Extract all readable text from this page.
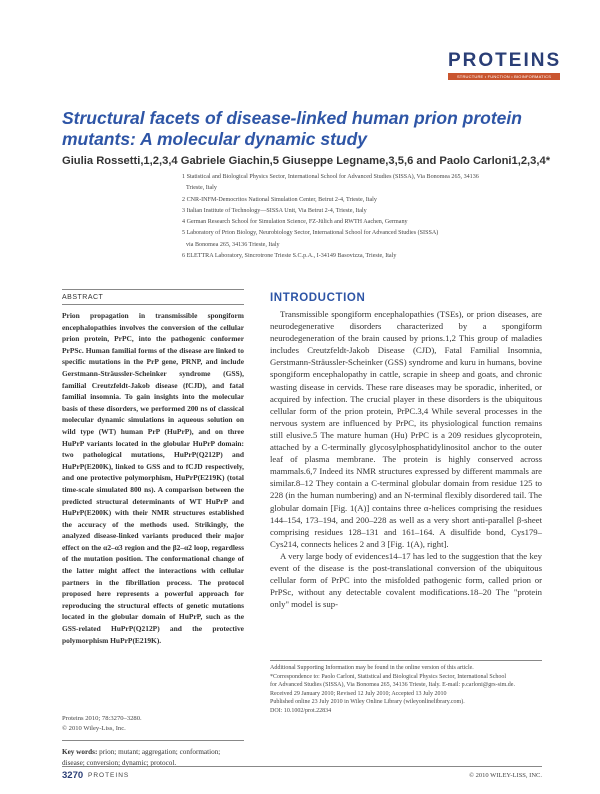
PROTEINS
STRUCTURE • FUNCTION • BIOINFORMATICS
Structural facets of disease-linked human prion protein mutants: A molecular dynamic study
Giulia Rossetti,1,2,3,4 Gabriele Giachin,5 Giuseppe Legname,3,5,6 and Paolo Carloni1,2,3,4*
1 Statistical and Biological Physics Sector, International School for Advanced Studies (SISSA), Via Bonomea 265, 34136
Trieste, Italy
2 CNR-INFM-Democritos National Simulation Center, Beirut 2-4, Trieste, Italy
3 Italian Institute of Technology—SISSA Unit, Via Beirut 2-4, Trieste, Italy
4 German Research School for Simulation Science, FZ-Jülich and RWTH Aachen, Germany
5 Laboratory of Prion Biology, Neurobiology Sector, International School for Advanced Studies (SISSA)
via Bonomea 265, 34136 Trieste, Italy
6 ELETTRA Laboratory, Sincrotrone Trieste S.C.p.A., I-34149 Basovizza, Trieste, Italy
ABSTRACT

Prion propagation in transmissible spongiform encephalopathies involves the conversion of the cellular prion protein, PrPC, into the pathogenic conformer PrPSc. Human familial forms of the disease are linked to specific mutations in the PrP gene, PRNP, and include Gerstmann-Sträussler-Scheinker syndrome (GSS), familial Creutzfeldt-Jakob disease (fCJD), and fatal familial insomnia. To gain insights into the molecular basis of these disorders, we performed 200 ns of classical molecular dynamic simulations in aqueous solution on wild type (WT) human PrP (HuPrP), and on three HuPrP variants located in the globular HuPrP domain: two pathological mutations, HuPrP(Q212P) and HuPrP(E200K), linked to GSS and to fCJD respectively, and one protective polymorphism, HuPrP(E219K) (total time-scale simulated 800 ns). A comparison between the predicted structural determinants of WT HuPrP and HuPrP(E200K) with their NMR structures established the accuracy of the methods used. Strikingly, the analyzed disease-linked variants produced their major effect on the α2–α3 region and the β2–α2 loop, regardless of the mutation position. The conformational change of the latter might affect the interactions with cellular partners in the fibrillation process. The protocol proposed here represents a powerful approach for reproducing the structural effects of genetic mutations located in the globular domain of HuPrP, such as the GSS-related HuPrP(Q212P) and the protective polymorphism HuPrP(E219K).

Proteins 2010; 78:3270–3280.
© 2010 Wiley-Liss, Inc.
Key words: prion; mutant; aggregation; conformation; disease; conversion; dynamic; protocol.
INTRODUCTION

Transmissible spongiform encephalopathies (TSEs), or prion diseases, are neurodegenerative disorders characterized by a spongiform neurodegeneration of the brain caused by prions.1,2 This group of maladies includes Creutzfeldt-Jakob Disease (CJD), Fatal Familial Insomnia, Gerstmann-Sträussler-Scheinker (GSS) syndrome and kuru in humans, bovine spongiform encephalopathy in cattle, scrapie in sheep and goats, and chronic wasting disease in cervids. These rare diseases may be sporadic, inherited, or acquired by infection. The crucial player in these disorders is the ubiquitous cellular form of the prion protein, PrPC.3,4 While several processes in the nervous system are influenced by PrPC, its physiological function remains still elusive.5 The mature human (Hu) PrPC is a 209 residues glycoprotein, attached by a C-terminally glycosylphosphatidylinositol anchor to the outer leaf of plasma membrane. The protein is highly conserved across mammals.6,7 Indeed its NMR structures expressed by different mammals are similar.8–12 They contain a C-terminal globular domain from residue 125 to 228 (in the human numbering) and an N-terminal flexibly disordered tail. The globular domain [Fig. 1(A)] contains three α-helices comprising the residues 144–154, 173–194, and 200–228 as well as a very short anti-parallel β-sheet comprising residues 128–131 and 161–164. A disulfide bond, Cys179–Cys214, connects helices 2 and 3 [Fig. 1(A), right].

A very large body of evidences14–17 has led to the suggestion that the key event of the disease is the post-translational conversion of the ubiquitous cellular form of PrPC into the misfolded pathogenic form, called prion or PrPSc, without any detectable covalent modifications.18–20 The "protein only" model is sup-

Additional Supporting Information may be found in the online version of this article.
*Correspondence to: Paolo Carloni, Statistical and Biological Physics Sector, International School
for Advanced Studies (SISSA), Via Bonomea 265, 34136 Trieste, Italy. E-mail: p.carloni@grs-sim.de.
Received 29 January 2010; Revised 12 July 2010; Accepted 13 July 2010
Published online 23 July 2010 in Wiley Online Library (wileyonlinelibrary.com).
DOI: 10.1002/prot.22834
3270 PROTEINS	© 2010 WILEY-LISS, INC.
